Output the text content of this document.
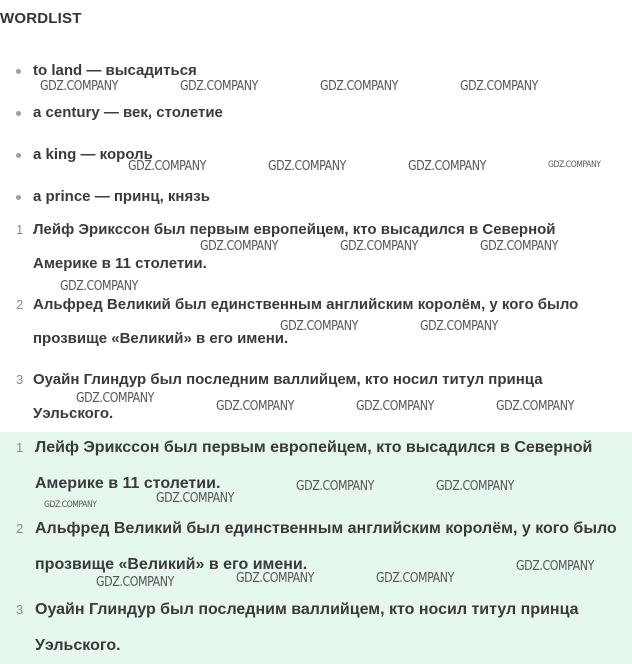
WORDLIST
to land — высадиться
a century — век, столетие
a king — король
a prince — принц, князь
1 Лейф Эриксcон был первым европейцем, кто высадился в Северной Америке в 11 столетии.
2 Альфред Великий был единственным английским королём, у кого было прозвище «Великий» в его имени.
3 Оуайн Глиндур был последним валлийцем, кто носил титул принца Уэльского.
1 Лейф Эриксcон был первым европейцем, кто высадился в Северной Америке в 11 столетии.
2 Альфред Великий был единственным английским королём, у кого было прозвище «Великий» в его имени.
3 Оуайн Глиндур был последним валлийцем, кто носил титул принца Уэльского.
GDZ.COMPANY	GDZ.COMPANY	GDZ.COMPANY	GDZ.COMPANY
GDZ.COMPANY	GDZ.COMPANY	GDZ.COMPANY	GDZ.COMPANY
GDZ.COMPANY	GDZ.COMPANY	GDZ.COMPANY
GDZ.COMPANY
GDZ.COMPANY	GDZ.COMPANY
GDZ.COMPANY
GDZ.COMPANY	GDZ.COMPANY	GDZ.COMPANY
GDZ.COMPANY
GDZ.COMPANY
GDZ.COMPANY	GDZ.COMPANY
GDZ.COMPANY
GDZ.COMPANY	GDZ.COMPANY	GDZ.COMPANY
